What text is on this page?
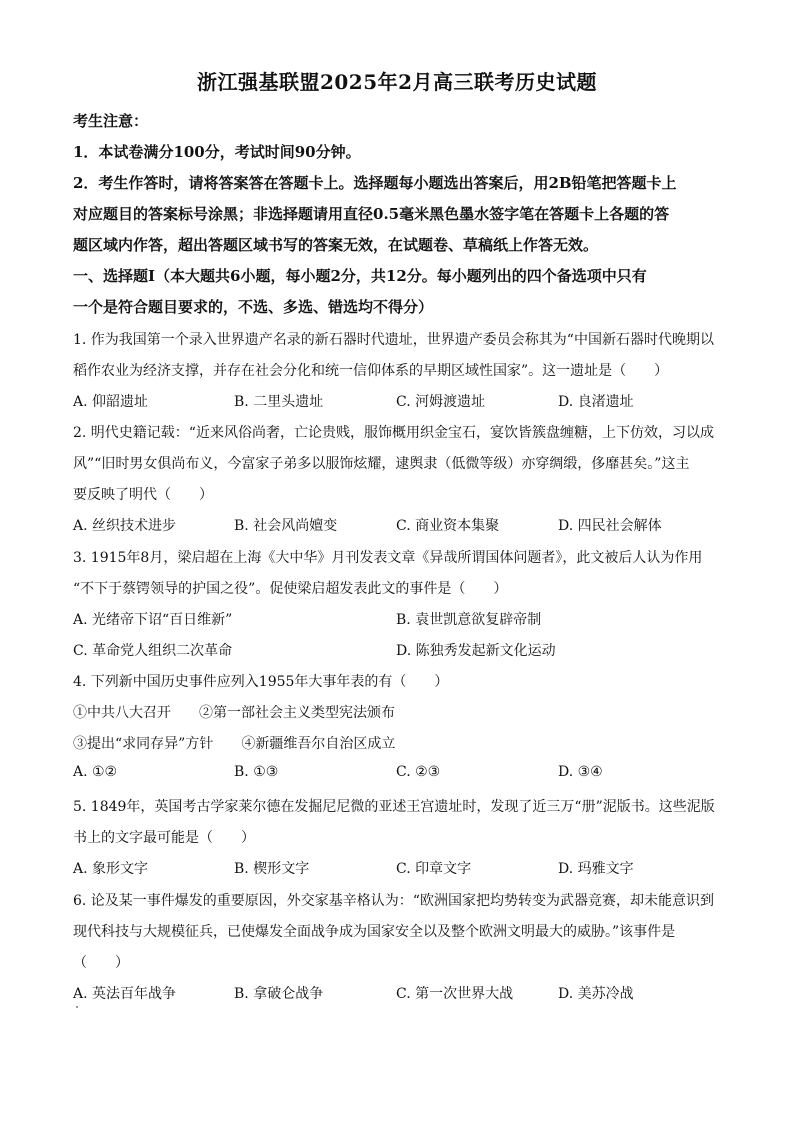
浙江强基联盟2025年2月高三联考历史试题
考生注意：
1．本试卷满分100分，考试时间90分钟。
2．考生作答时，请将答案答在答题卡上。选择题每小题选出答案后，用2B铅笔把答题卡上
对应题目的答案标号涂黑；非选择题请用直径0.5毫米黑色墨水签字笔在答题卡上各题的答
题区域内作答，超出答题区域书写的答案无效，在试题卷、草稿纸上作答无效。
一、选择题Ⅰ（本大题共6小题，每小题2分，共12分。每小题列出的四个备选项中只有
一个是符合题目要求的，不选、多选、错选均不得分）
1. 作为我国第一个录入世界遗产名录的新石器时代遗址，世界遗产委员会称其为“中国新石器时代晚期以
稻作农业为经济支撑，并存在社会分化和统一信仰体系的早期区域性国家”。这一遗址是（　　）
A. 仰韶遗址	B. 二里头遗址	C. 河姆渡遗址	D. 良渚遗址
2. 明代史籍记载：“近来风俗尚奢，亡论贵贱，服饰概用织金宝石，宴饮皆簇盘缠糖，上下仿效，习以成
风”“旧时男女俱尚布义，今富家子弟多以服饰炫耀，逮舆隶（低微等级）亦穿绸缎，侈靡甚矣。”这主
要反映了明代（　　）
A. 丝织技术进步	B. 社会风尚嬗变	C. 商业资本集聚	D. 四民社会解体
3. 1915年8月，梁启超在上海《大中华》月刊发表文章《异哉所谓国体问题者》，此文被后人认为作用
“不下于蔡锷领导的护国之役”。促使梁启超发表此文的事件是（　　）
A. 光绪帝下诏“百日维新”	B. 袁世凯意欲复辟帝制
C. 革命党人组织二次革命	D. 陈独秀发起新文化运动
4. 下列新中国历史事件应列入1955年大事年表的有（　　）
①中共八大召开　　②第一部社会主义类型宪法颁布
③提出“求同存异”方针　　④新疆维吾尔自治区成立
A. ①②	B. ①③	C. ②③	D. ③④
5. 1849年，英国考古学家莱尔德在发掘尼尼微的亚述王宫遗址时，发现了近三万“册”泥版书。这些泥版
书上的文字最可能是（　　）
A. 象形文字	B. 楔形文字	C. 印章文字	D. 玛雅文字
6. 论及某一事件爆发的重要原因，外交家基辛格认为：“欧洲国家把均势转变为武器竞赛，却未能意识到
现代科技与大规模征兵，已使爆发全面战争成为国家安全以及整个欧洲文明最大的威胁。”该事件是
（　　）
A. 英法百年战争	B. 拿破仑战争	C. 第一次世界大战	D. 美苏冷战
